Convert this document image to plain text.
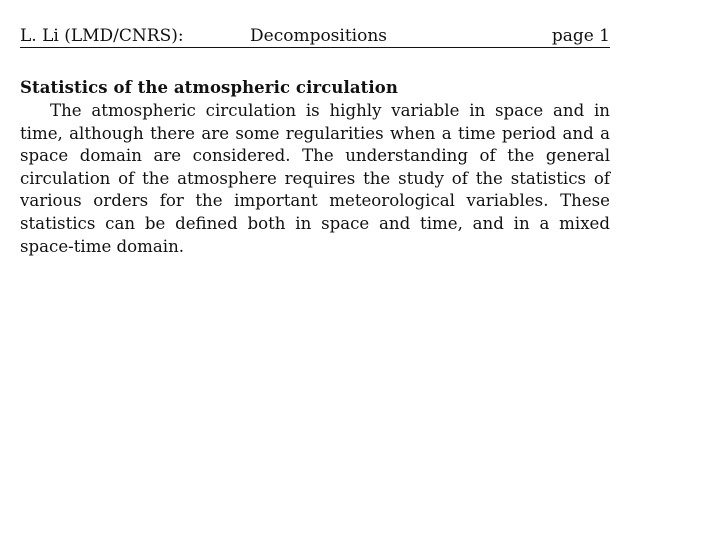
L. Li (LMD/CNRS):	Decompositions	page 1
Statistics of the atmospheric circulation

The atmospheric circulation is highly variable in space and in time, although there are some regularities when a time period and a space domain are considered. The understanding of the general circulation of the atmosphere requires the study of the statistics of various orders for the important meteorological variables. These statistics can be defined both in space and time, and in a mixed space-time domain.
